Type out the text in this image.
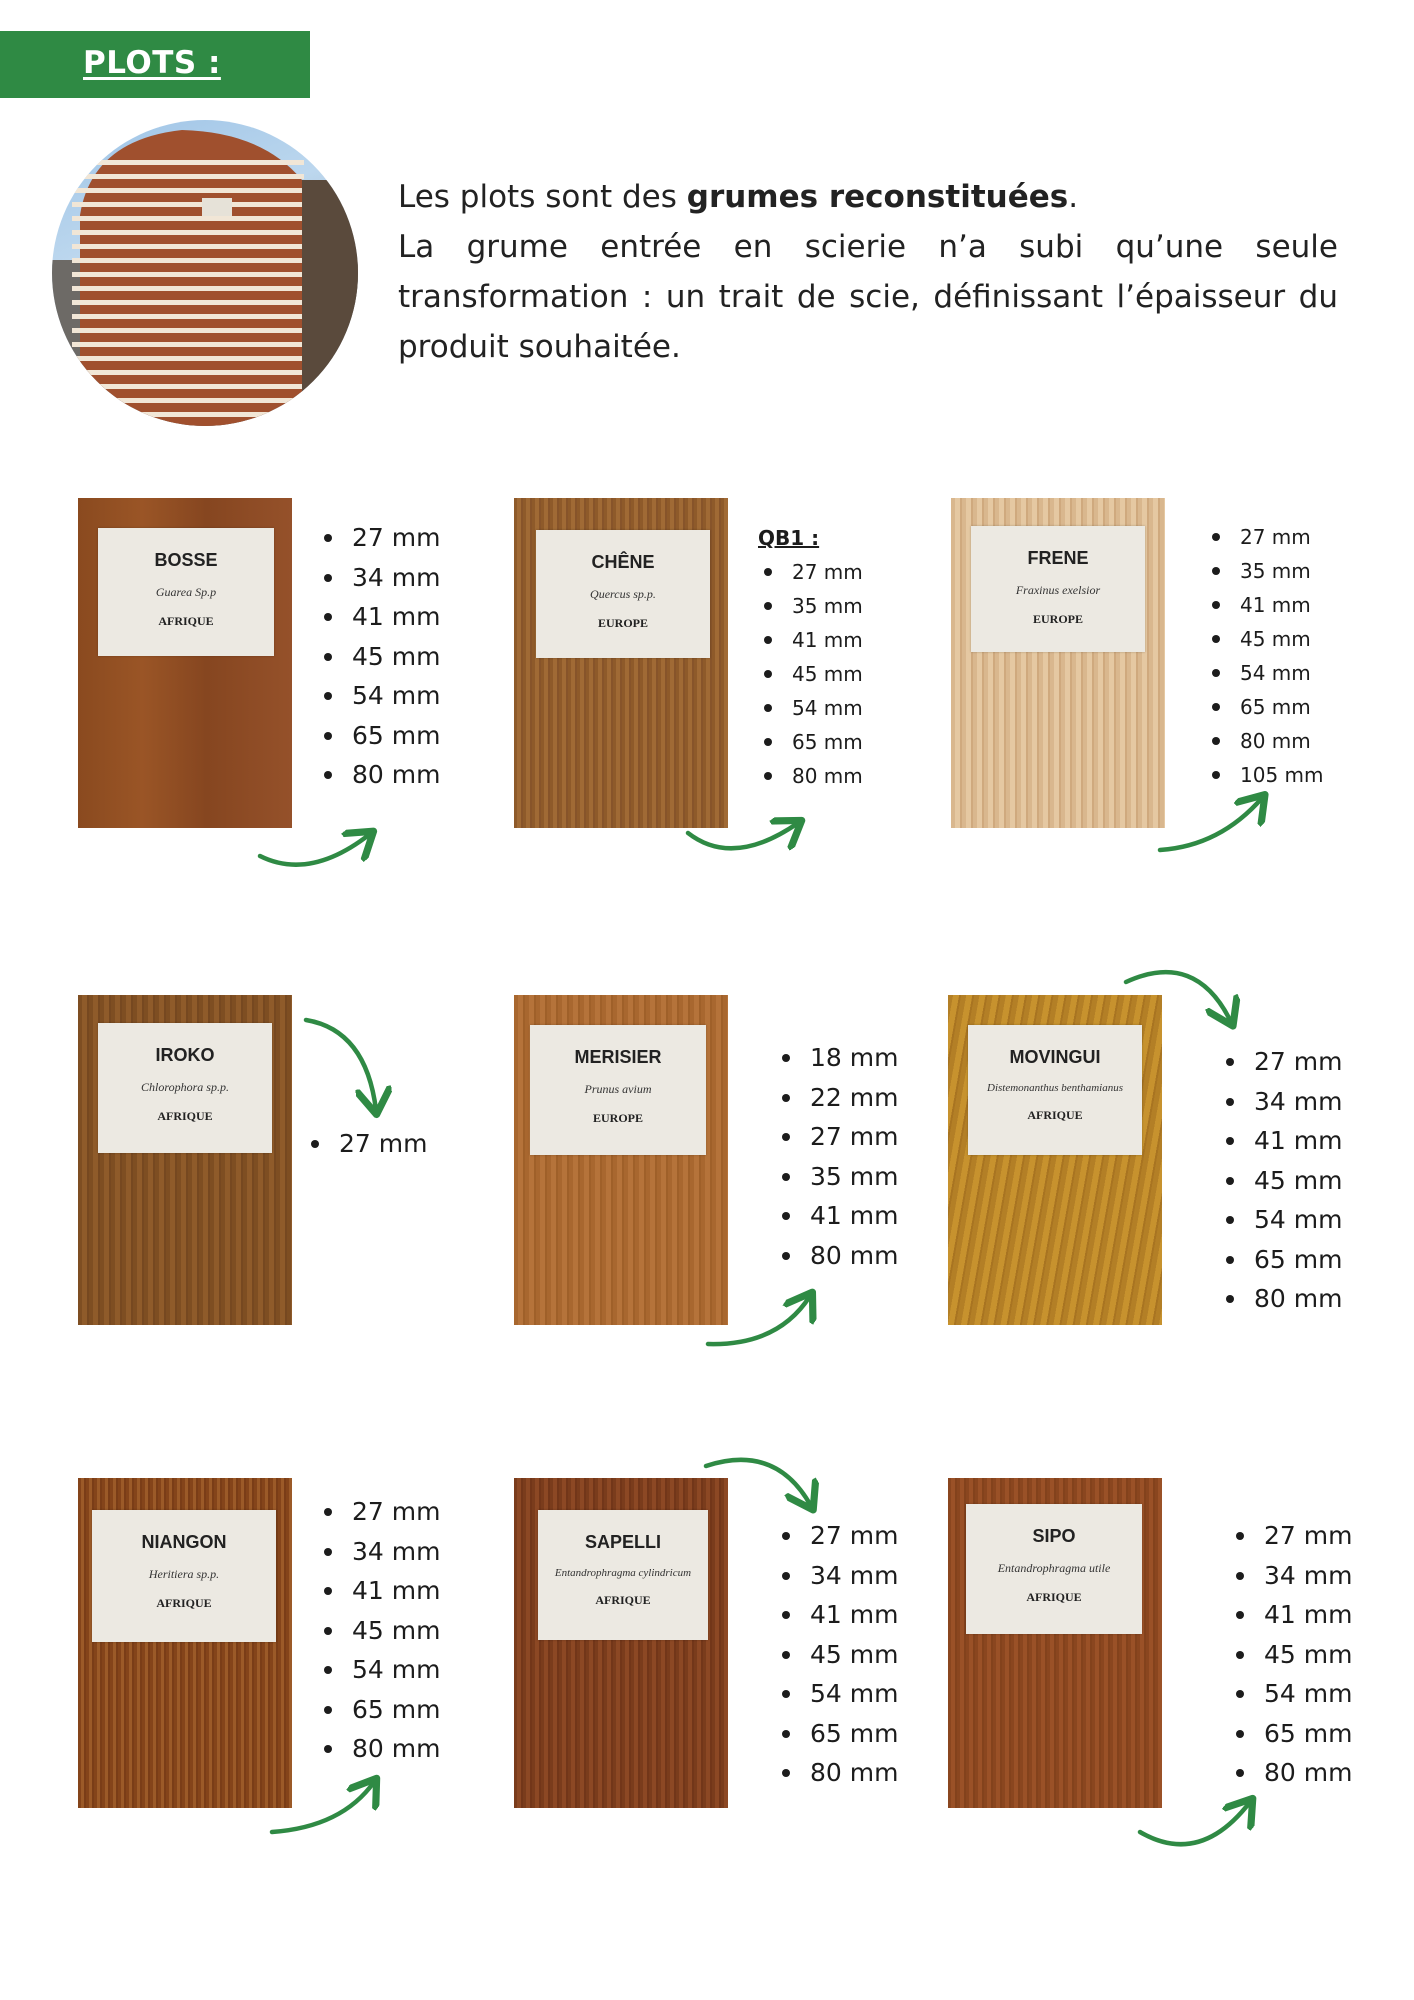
PLOTS :
Les plots sont des grumes reconstituées.
La grume entrée en scierie n’a subi qu’une seule transformation : un trait de scie, définissant l’épaisseur du produit souhaitée.
BOSSE
Guarea Sp.p
AFRIQUE
27 mm
34 mm
41 mm
45 mm
54 mm
65 mm
80 mm
CHÊNE
Quercus sp.p.
EUROPE
QB1 :
27 mm
35 mm
41 mm
45 mm
54 mm
65 mm
80 mm
FRENE
Fraxinus exelsior
EUROPE
27 mm
35 mm
41 mm
45 mm
54 mm
65 mm
80 mm
105 mm
IROKO
Chlorophora sp.p.
AFRIQUE
27 mm
MERISIER
Prunus avium
EUROPE
18 mm
22 mm
27 mm
35 mm
41 mm
80 mm
MOVINGUI
Distemonanthus benthamianus
AFRIQUE
27 mm
34 mm
41 mm
45 mm
54 mm
65 mm
80 mm
NIANGON
Heritiera sp.p.
AFRIQUE
27 mm
34 mm
41 mm
45 mm
54 mm
65 mm
80 mm
SAPELLI
Entandrophragma cylindricum
AFRIQUE
27 mm
34 mm
41 mm
45 mm
54 mm
65 mm
80 mm
SIPO
Entandrophragma utile
AFRIQUE
27 mm
34 mm
41 mm
45 mm
54 mm
65 mm
80 mm
